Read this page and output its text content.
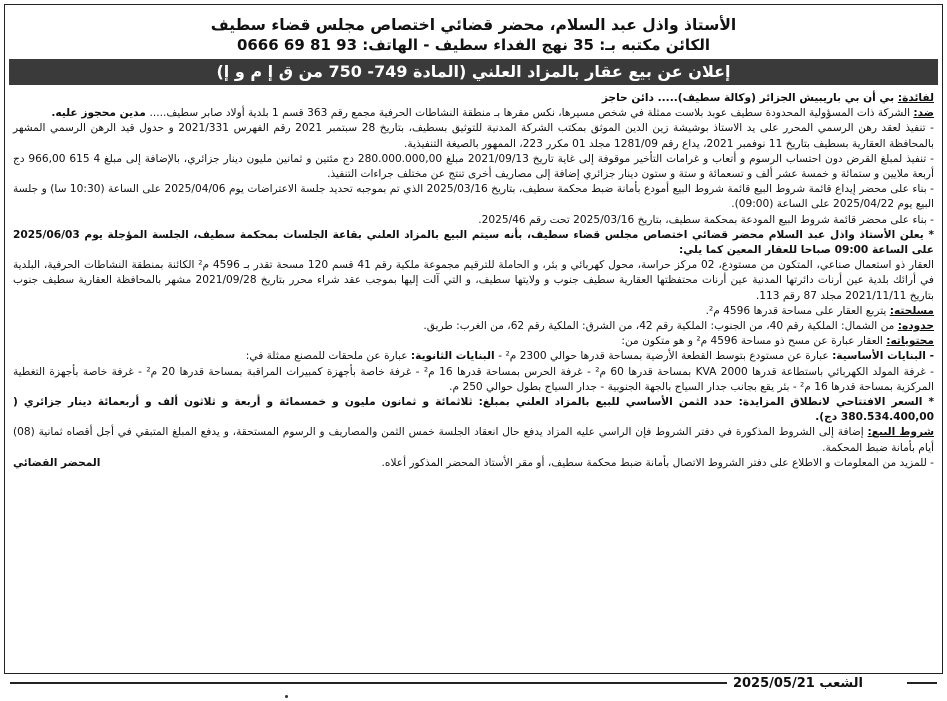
الأستاذ واذل عبد السلام، محضر قضائي اختصاص مجلس قضاء سطيف
الكائن مكتبه بـ: 35 نهج الفداء سطيف - الهاتف: 93 81 69 0666
إعلان عن بيع عقار بالمزاد العلني (المادة 749- 750 من ق إ م و إ)

لفائدة: بي أن بي باريبيش الجزائر (وكالة سطيف)..... دائن حاجز

ضد: الشركة ذات المسؤولية المحدودة سطيف عوبد بلاست ممثلة في شخص مسيرها، نكس مقرها بـ منطقة النشاطات الحرفية مجمع رقم 363 قسم 1 بلدية أولاد صابر سطيف..... مدين محجوز عليه.

- تنفيذ لعقد رهن الرسمي المحرر على يد الاستاذ بوشيشة زين الدين الموثق بمكتب الشركة المدنية للتوثيق بسطيف، بتاريخ 28 سبتمبر 2021 رقم الفهرس 2021/331 و حدول قيد الرهن الرسمي المشهر بالمحافظة العقارية بسطيف بتاريخ 11 نوفمبر 2021، يداع رقم 1281/09 مجلد 01 مكرر 223، الممهور بالصيغة التنفيذية.

- تنفيذ لمبلغ القرض دون احتساب الرسوم و أتعاب و غرامات التأخير موقوفة إلى غاية تاريخ 2021/09/13 مبلغ 280.000.000,00 دج مئتين و ثمانين مليون دينار جزائري، بالإضافة إلى مبلغ 4 615 966,00 دج أربعة ملايين و ستمائة و خمسة عشر ألف و تسعمائة و ستة و ستون دينار جزائري إضافة إلى مصاريف أخرى تنتج عن مختلف جراءات التنفيذ.

- بناء على محضر إيداع قائمة شروط البيع قائمة شروط البيع أمودع بأمانة ضبط محكمة سطيف، بتاريخ 2025/03/16 الذي تم بموجبه تحديد جلسة الاعتراضات يوم 2025/04/06 على الساعة (10:30 سا) و جلسة البيع يوم 2025/04/22 على الساعة (09:00).

- بناء على محضر قائمة شروط البيع المودعة بمحكمة سطيف، بتاريخ 2025/03/16 تحت رقم 2025/46.

* يعلن الأستاذ واذل عبد السلام محضر قضائي اختصاص مجلس قضاء سطيف، بأنه سيتم البيع بالمزاد العلني بقاعة الجلسات بمحكمة سطيف، الجلسة المؤجلة يوم 2025/06/03 على الساعة 09:00 صباحا للعقار المعين كما يلي:

العقار ذو استعمال صناعي، المتكون من مستودع، 02 مركز حراسة، محول كهربائي و بئر، و الحاملة للترقيم مجموعة ملكية رقم 41 قسم 120 مسحة تقدر بـ 4596 م² الكائنة بمنطقة النشاطات الحرفية، البلدية في أرائك بلدية عين أرنات دائرتها المدنية عين أرنات محتفظتها العقارية سطيف جنوب و ولايتها سطيف، و التي آلت إليها بموجب عقد شراء محرر بتاريخ 2021/09/28 مشهر بالمحافظة العقارية سطيف جنوب بتاريخ 2021/11/11 مجلد 87 رقم 113.

مسلحته: يتربع العقار على مساحة قدرها 4596 م².

حدوده: من الشمال: الملكية رقم 40، من الجنوب: الملكية رقم 42، من الشرق: الملكية رقم 62، من الغرب: طريق.

محتوياته: العقار عبارة عن مسح ذو مساحة 4596 م² و هو متكون من:

- البنايات الأساسية: عبارة عن مستودع بتوسط القطعة الأرضية بمساحة قدرها حوالي 2300 م² - البنايات الثانوية: عبارة عن ملحقات للمصنع ممثلة في:

- غرفة المولد الكهربائي باستطاعة قدرها KVA 2000 بمساحة قدرها 60 م² - غرفة الحرس بمساحة قدرها 16 م² - غرفة خاصة بأجهزة كمبيرات المراقبة بمساحة قدرها 20 م² - غرفة خاصة بأجهزة التغطية المركزية بمساحة قدرها 16 م² - بئر يقع بجانب جدار السياج بالجهة الجنوبية - جدار السياج بطول حوالي 250 م.

* السعر الافتتاحي لانطلاق المزايدة: حدد الثمن الأساسي للبيع بالمزاد العلني بمبلغ: ثلاثمائة و ثمانون مليون و خمسمائة و أربعة و ثلاثون ألف و أربعمائة دينار جزائري ( 380.534.400,00 دج).

شروط البيع: إضافة إلى الشروط المذكورة في دفتر الشروط فإن الراسي عليه المزاد يدفع حال انعقاد الجلسة خمس الثمن والمصاريف و الرسوم المستحقة، و يدفع المبلغ المتبقي في أجل أقصاه ثمانية (08) أيام بأمانة ضبط المحكمة.

- للمزيد من المعلومات و الاطلاع على دفتر الشروط الاتصال بأمانة ضبط محكمة سطيف، أو مقر الأستاذ المحضر المذكور أعلاه.
المحضر القضائي
الشعب 2025/05/21
